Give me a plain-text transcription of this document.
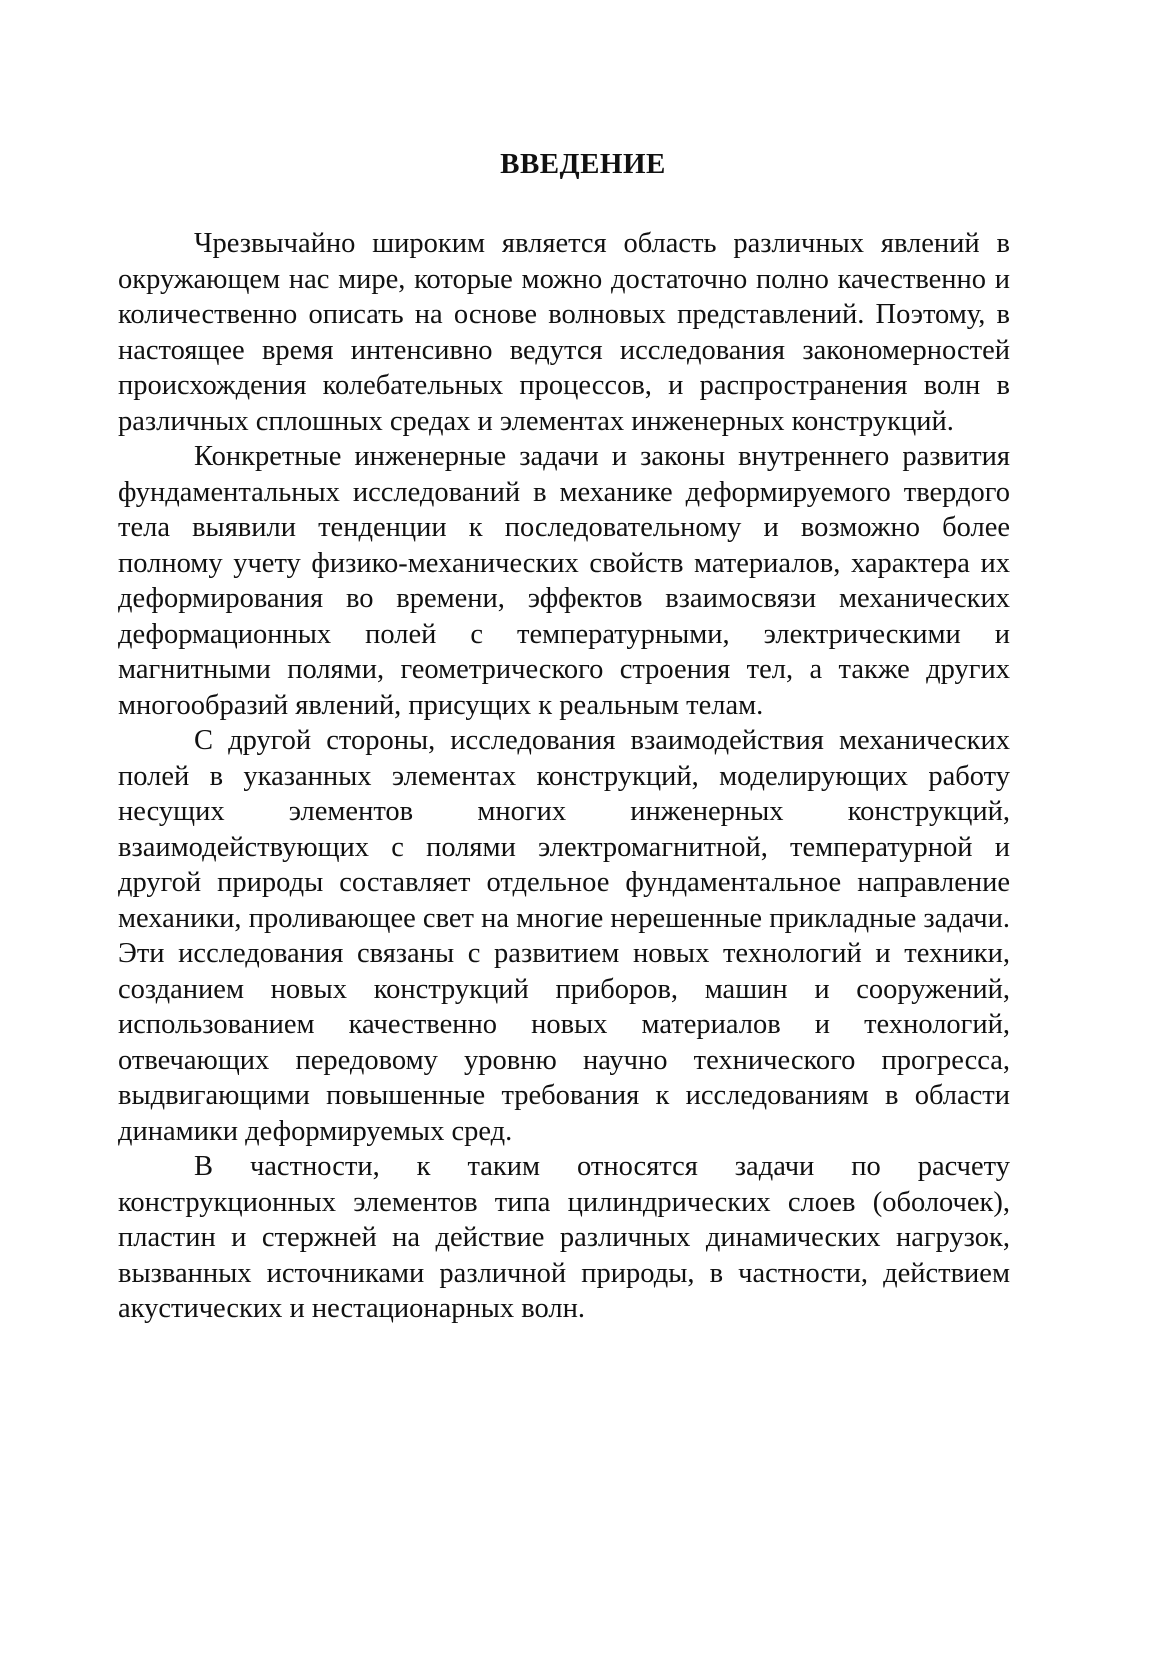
ВВЕДЕНИЕ

Чрезвычайно широким является область различных явлений в окружающем нас мире, которые можно достаточно полно качественно и количественно описать на основе волновых представлений. Поэтому, в настоящее время интенсивно ведутся исследования закономерностей происхождения колебательных процессов, и распространения волн в различных сплошных средах и элементах инженерных конструкций.

Конкретные инженерные задачи и законы внутреннего развития фундаментальных исследований в механике деформируемого твердого тела выявили тенденции к последовательному и возможно более полному учету физико-механических свойств материалов, характера их деформирования во времени, эффектов взаимосвязи механических деформационных полей с температурными, электрическими и магнитными полями, геометрического строения тел, а также других многообразий явлений, присущих к реальным телам.

С другой стороны, исследования взаимодействия механических полей в указанных элементах конструкций, моделирующих работу несущих элементов многих инженерных конструкций, взаимодействующих с полями электромагнитной, температурной и другой природы составляет отдельное фундаментальное направление механики, проливающее свет на многие нерешенные прикладные задачи. Эти исследования связаны с развитием новых технологий и техники, созданием новых конструкций приборов, машин и сооружений, использованием качественно новых материалов и технологий, отвечающих передовому уровню научно технического прогресса, выдвигающими повышенные требования к исследованиям в области динамики деформируемых сред.

В частности, к таким относятся задачи по расчету конструкционных элементов типа цилиндрических слоев (оболочек), пластин и стержней на действие различных динамических нагрузок, вызванных источниками различной природы, в частности, действием акустических и нестационарных волн.
